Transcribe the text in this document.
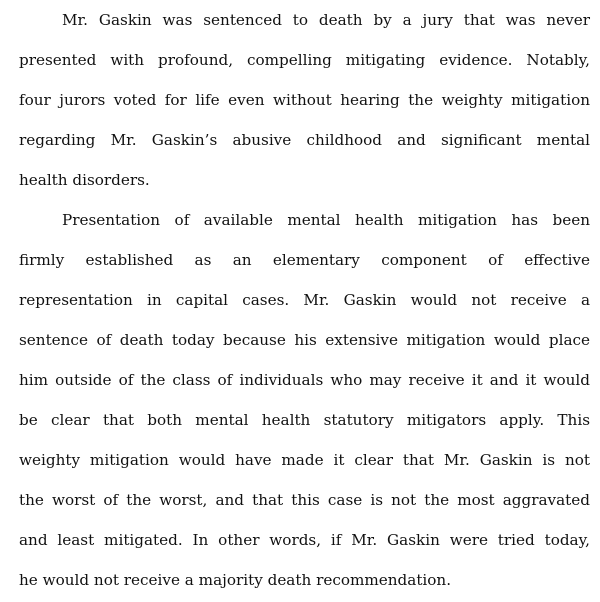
Mr. Gaskin was sentenced to death by a jury that was never
presented with profound, compelling mitigating evidence. Notably,
four jurors voted for life even without hearing the weighty mitigation
regarding Mr. Gaskin’s abusive childhood and significant mental
health disorders.
Presentation of available mental health mitigation has been
firmly established as an elementary component of effective
representation in capital cases. Mr. Gaskin would not receive a
sentence of death today because his extensive mitigation would place
him outside of the class of individuals who may receive it and it would
be clear that both mental health statutory mitigators apply. This
weighty mitigation would have made it clear that Mr. Gaskin is not
the worst of the worst, and that this case is not the most aggravated
and least mitigated. In other words, if Mr. Gaskin were tried today,
he would not receive a majority death recommendation.
